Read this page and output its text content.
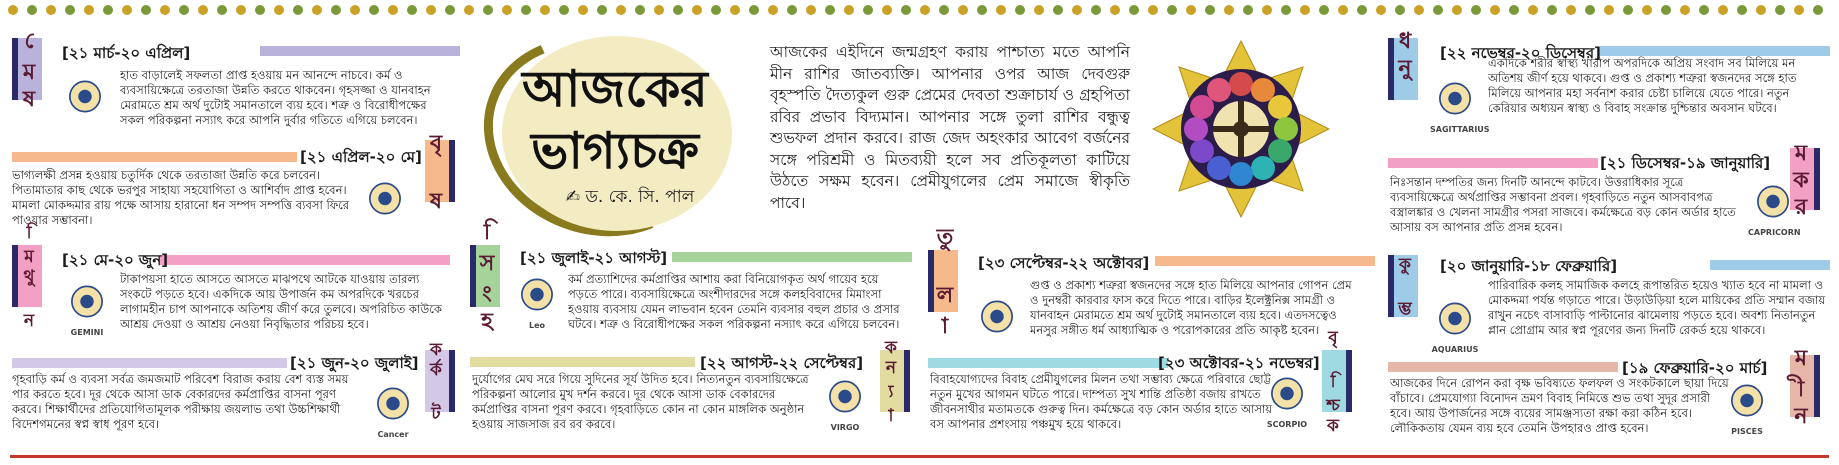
আজকের
ভাগ্যচক্র
✍ ড. কে. সি. পাল
আজকের এইদিনে জন্মগ্রহণ করায় পাশ্চাত্য মতে আপনি মীন রাশির জাতব্যক্তি। আপনার ওপর আজ দেবগুরু বৃহস্পতি দৈত্যকুল গুরু প্রেমের দেবতা শুক্রাচার্য ও গ্রহপিতা রবির প্রভাব বিদ্যমান। আপনার সঙ্গে তুলা রাশির বন্ধুত্ব শুভফল প্রদান করবে। রাজ জেদ অহংকার আবেগ বর্জনের সঙ্গে পরিশ্রমী ও মিতব্যয়ী হলে সব প্রতিকূলতা কাটিয়ে উঠতে সক্ষম হবেন। প্রেমীযুগলের প্রেম সমাজে স্বীকৃতি পাবে।
মেষ [২১ মার্চ-২০ এপ্রিল]
হাত বাড়ালেই সফলতা প্রাপ্ত হওয়ায় মন আনন্দে নাচবে। কর্ম ও ব্যবসায়িক্ষেত্রে তরতাজা উন্নতি করতে থাকবেন। গৃহসজ্জা ও যানবাহন মেরামতে শ্রম অর্থ দুটোই সমানতালে ব্যয় হবে। শত্রু ও বিরোধীপক্ষের সকল পরিকল্পনা নস্যাৎ করে আপনি দুর্বার গতিতে এগিয়ে চলবেন।
বৃষ
[২১ এপ্রিল-২০ মে]
ভাগ্যলক্ষী প্রসন্ন হওয়ায় চতুর্দিক থেকে তরতাজা উন্নতি করে চলবেন। পিতামাতার কাছ থেকে ভরপুর সাহায্য সহযোগিতা ও আশির্বাদ প্রাপ্ত হবেন। মামলা মোকদ্দমার রায় পক্ষে আসায় হারানো ধন সম্পদ সম্পত্তি ব্যবসা ফিরে পাওয়ার সম্ভাবনা।
মিথুন [২১ মে-২০ জুন]
GEMINI
টাকাপয়সা হাতে আসতে আসতে মাঝপথে আটকে যাওয়ায় তারল্য সংকটে পড়তে হবে। একদিকে আয় উপার্জন কম অপরদিকে খরচের লাগামহীন চাপ আপনাকে অতিশয় জীর্ণ করে তুলবে। অপরিচিত কাউকে আশ্রয় দেওয়া ও আশ্রয় নেওয়া নিবৃদ্ধিতার পরিচয় হবে।
কর্কট
[২১ জুন-২০ জুলাই]
Cancer
গৃহবাড়ি কর্ম ও ব্যবসা সর্বত্র জমজমাট পরিবেশ বিরাজ করায় বেশ ব্যস্ত সময় পার করতে হবে। দূর থেকে আসা ডাক বেকারদের কর্মপ্রাপ্তির বাসনা পূরণ করবে। শিক্ষার্থীদের প্রতিযোগিতামূলক পরীক্ষায় জয়লাভ তথা উচ্চশিক্ষার্থী বিদেশগমনের স্বপ্ন স্বাধ পূরণ হবে।
সিংহ [২১ জুলাই-২১ আগস্ট]
Leo
কর্ম প্রত্যাশিদের কর্মপ্রাপ্তির আশায় করা বিনিয়োগকৃত অর্থ গায়েব হয়ে পড়তে পারে। ব্যবসায়িক্ষেত্রে অংশীদারদের সঙ্গে কলহবিবাদের মিমাংসা হওয়ায় ব্যবসায় যেমন লাভবান হবেন তেমনি ব্যবসার বহুল প্রচার ও প্রসার ঘটবে। শত্রু ও বিরোধীপক্ষের সকল পরিকল্পনা নস্যাৎ করে এগিয়ে চলবেন।
কন্যা
[২২ আগস্ট-২২ সেপ্টেম্বর]
VIRGO
দুর্যোগের মেঘ সরে গিয়ে সুদিনের সূর্য উদিত হবে। নিত্যনতুন ব্যবসায়িক্ষেত্রে পরিকল্পনা আলোর মুখ দর্শন করবে। দূর থেকে আসা ডাক বেকারদের কর্মপ্রাপ্তির বাসনা পূরণ করবে। গৃহবাড়িতে কোন না কোন মাঙ্গলিক অনুষ্ঠান হওয়ায় সাজসাজ রব রব করবে।
তুলা [২৩ সেপ্টেম্বর-২২ অক্টোবর]
গুপ্ত ও প্রকাশ্য শত্রুরা স্বজনদের সঙ্গে হাত মিলিয়ে আপনার গোপন প্রেম ও দুনম্বরী কারবার ফাস করে দিতে পারে। বাড়ির ইলেক্ট্রনিক্স সামগ্রী ও যানবাহন মেরামতে শ্রম অর্থ দুটোই সমানতালে ব্যয় হবে। এতদসত্বেও মনসুর সঙ্গীত ধর্ম আধ্যাত্মিক ও পরোপকারের প্রতি আকৃষ্ট হবেন। বৃশ্চিক
[২৩ অক্টোবর-২১ নভেম্বর]
SCORPIO
বিবাহযোগ্যদের বিবাহ প্রেমীযুগলের মিলন তথা সম্ভাব্য ক্ষেত্রে পরিবারে ছোট্ট নতুন মুখের আগমন ঘটতে পারে। দাম্পত্য সুখ শান্তি প্রতিষ্ঠা বজায় রাখতে জীবনসাথীর মতামতকে গুরুত্ব দিন। কর্মক্ষেত্রে বড় কোন অর্ডার হাতে আসায় বস আপনার প্রশংসায় পঞ্চমুখ হয়ে থাকবে।
ধনু [২২ নভেম্বর-২০ ডিসেম্বর]
SAGITTARIUS
একদিকে শরীর স্বাস্থ্য খারাপ অপরদিকে অপ্রিয় সংবাদ সব মিলিয়ে মন অতিশয় জীর্ণ হয়ে থাকবে। গুপ্ত ও প্রকাশ্য শত্রুরা স্বজনদের সঙ্গে হাত মিলিয়ে আপনার মহা সর্বনাশ করার চেষ্টা চালিয়ে যেতে পারে। নতুন কেরিয়ার অধ্যয়ন স্বাস্থ্য ও বিবাহ সংক্রান্ত দুশ্চিন্তার অবসান ঘটবে।
মকর
[২১ ডিসেম্বর-১৯ জানুয়ারি]
CAPRICORN
নিঃসন্তান দম্পতির জন্য দিনটি আনন্দে কাটবে। উত্তরাধিকার সূত্রে ব্যবসায়িক্ষেত্রে অর্থপ্রাপ্তির সম্ভাবনা প্রবল। গৃহবাড়িতে নতুন আসবাবপত্র বস্ত্রালঙ্কার ও খেলনা সামগ্রীর পসরা সাজবে। কর্মক্ষেত্রে বড় কোন অর্ডার হাতে আসায় বস আপনার প্রতি প্রসন্ন হবেন।
কুম্ভ [২০ জানুয়ারি-১৮ ফেব্রুয়ারি]
AQUARIUS
পারিবারিক কলহ সামাজিক কলহে রূপান্তরিত হয়েও খ্যাত হবে না মামলা ও মোকদ্দমা পর্যন্ত গড়াতে পারে। উড়াউড়িয়া হলে মায়িকের প্রতি সম্মান বজায় রাখুন নচেৎ বাসাবাড়ি পাল্টানোর ঝামেলায় পড়তে হবে। অবশ্য নিতানতুন প্লান প্রোগ্রাম আর স্বপ্ন পূরণের জন্য দিনটি রেকর্ড হয়ে থাকবে।
মীন
[১৯ ফেব্রুয়ারি-২০ মার্চ]
PISCES
আজকের দিনে রোপন করা বৃক্ষ ভবিষ্যতে ফলফল ও সংকটকালে ছায়া দিয়ে বাঁচাবে। প্রেমযোগ্যা বিনোদন ভ্রমণ বিবাহ নিমিত্তে শুভ তথা সুদূর প্রসারী হবে। আয় উপার্জনের সঙ্গে ব্যয়ের সামঞ্জস্যতা রক্ষা করা কঠিন হবে। লৌকিকতায় যেমন ব্যয় হবে তেমনি উপহারও প্রাপ্ত হবেন।
